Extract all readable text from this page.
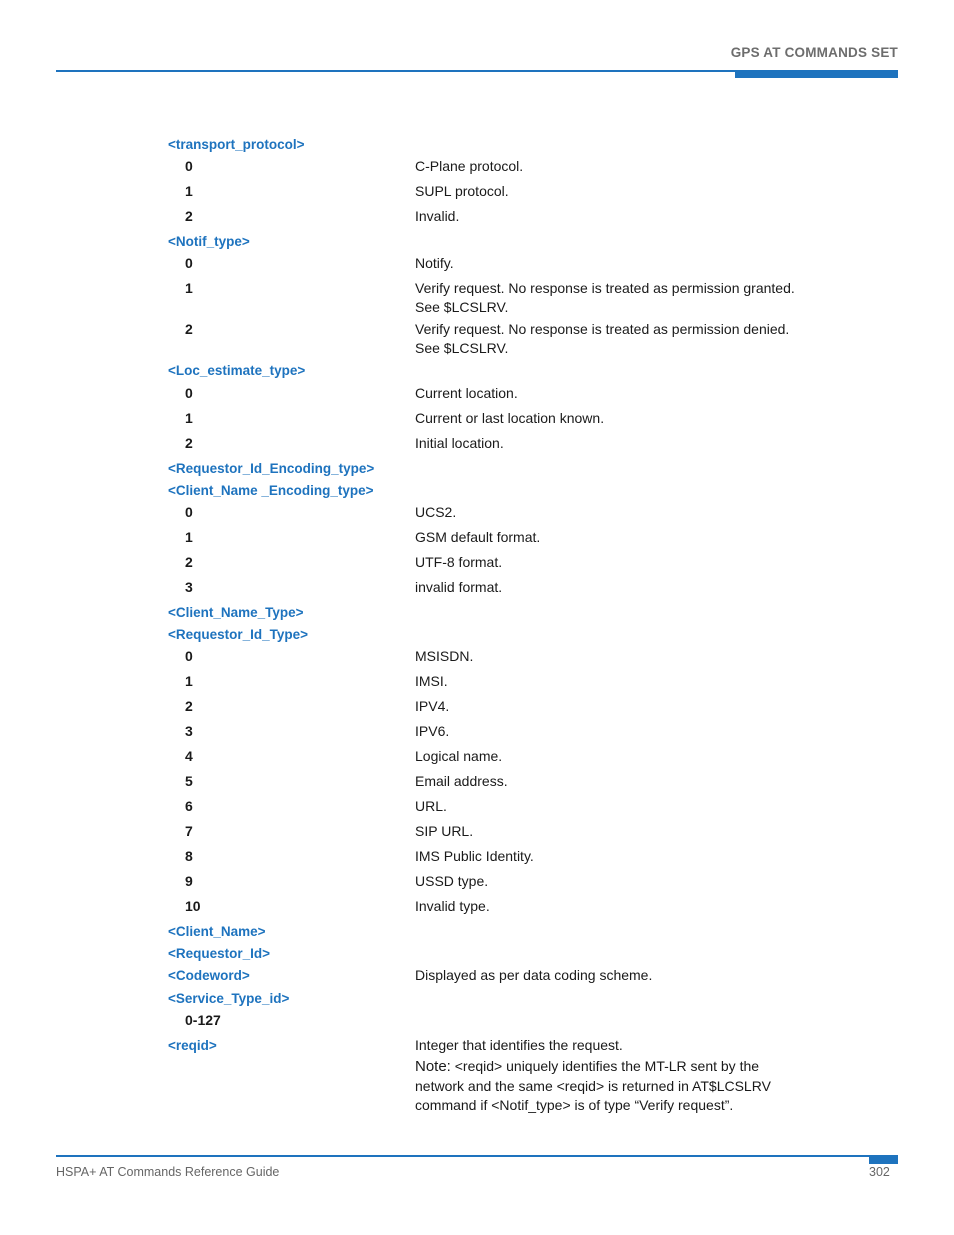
GPS AT COMMANDS SET
<transport_protocol>
0	C-Plane protocol.
1	SUPL protocol.
2	Invalid.
<Notif_type>
0	Notify.
1	Verify request. No response is treated as permission granted.
See $LCSLRV.
2	Verify request. No response is treated as permission denied.
See $LCSLRV.
<Loc_estimate_type>
0	Current location.
1	Current or last location known.
2	Initial location.
<Requestor_Id_Encoding_type>
<Client_Name _Encoding_type>
0	UCS2.
1	GSM default format.
2	UTF-8 format.
3	invalid format.
<Client_Name_Type>
<Requestor_Id_Type>
0	MSISDN.
1	IMSI.
2	IPV4.
3	IPV6.
4	Logical name.
5	Email address.
6	URL.
7	SIP URL.
8	IMS Public Identity.
9	USSD type.
10	Invalid type.
<Client_Name>
<Requestor_Id>
<Codeword>	Displayed as per data coding scheme.
<Service_Type_id>
0-127
<reqid>	Integer that identifies the request.
Note: <reqid> uniquely identifies the MT-LR sent by the
network and the same <reqid> is returned in AT$LCSLRV
command if <Notif_type> is of type “Verify request”.
HSPA+ AT Commands Reference Guide	302
